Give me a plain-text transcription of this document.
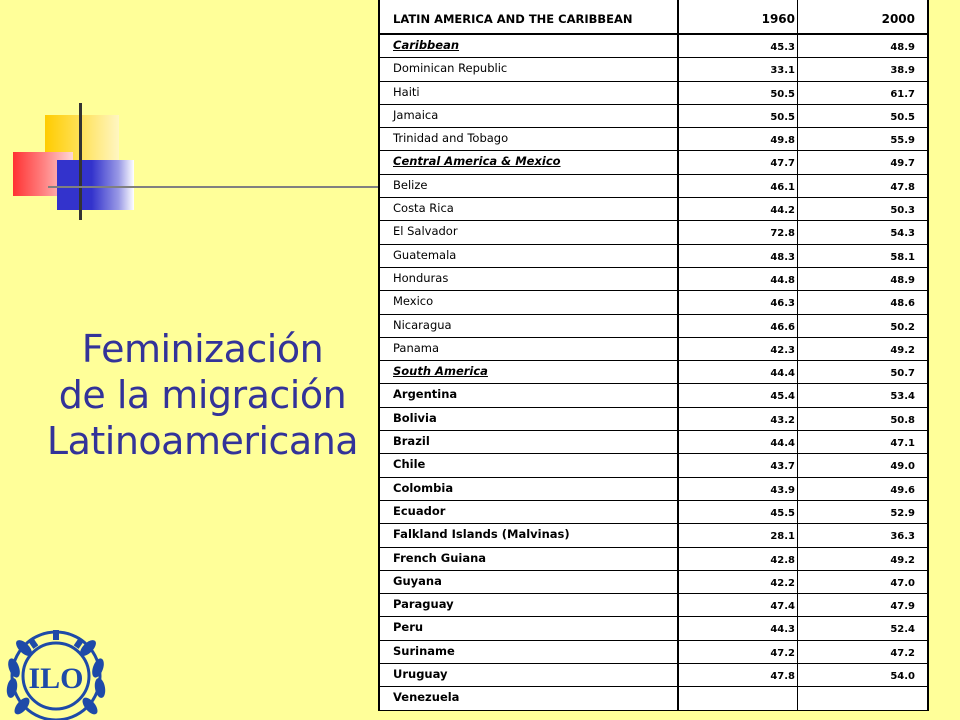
Feminización
de la migración
Latinoamericana
LATIN AMERICA AND THE CARIBBEAN	1960	2000
Caribbean	45.3	48.9
Dominican Republic	33.1	38.9
Haiti	50.5	61.7
Jamaica	50.5	50.5
Trinidad and Tobago	49.8	55.9
Central America & Mexico	47.7	49.7
Belize	46.1	47.8
Costa Rica	44.2	50.3
El Salvador	72.8	54.3
Guatemala	48.3	58.1
Honduras	44.8	48.9
Mexico	46.3	48.6
Nicaragua	46.6	50.2
Panama	42.3	49.2
South America	44.4	50.7
Argentina	45.4	53.4
Bolivia	43.2	50.8
Brazil	44.4	47.1
Chile	43.7	49.0
Colombia	43.9	49.6
Ecuador	45.5	52.9
Falkland Islands (Malvinas)	28.1	36.3
French Guiana	42.8	49.2
Guyana	42.2	47.0
Paraguay	47.4	47.9
Peru	44.3	52.4
Suriname	47.2	47.2
Uruguay	47.8	54.0
Venezuela
ILO
